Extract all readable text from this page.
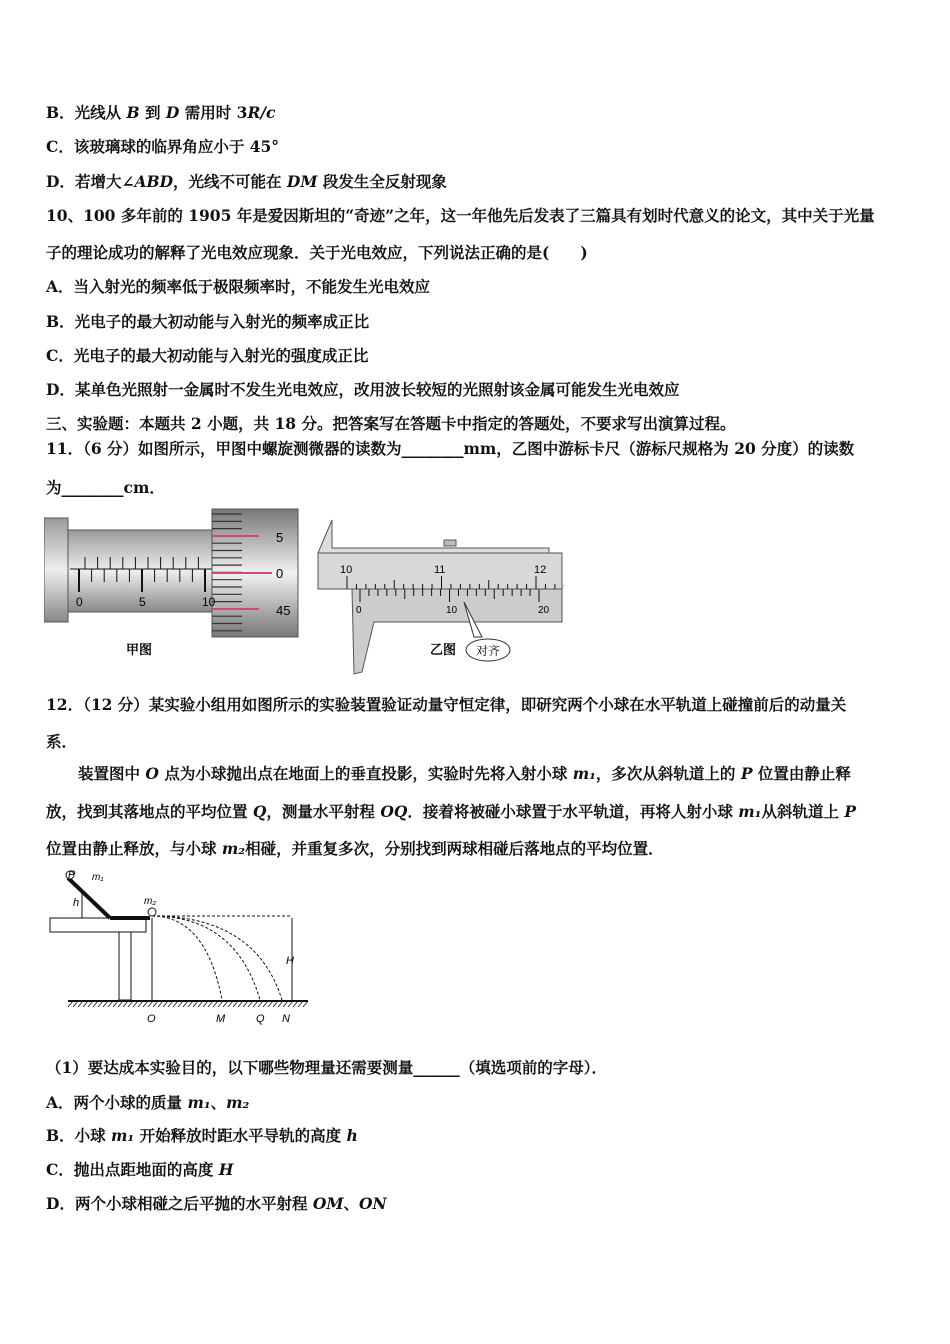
B．光线从 B 到 D 需用时 3R/c
C．该玻璃球的临界角应小于 45°
D．若增大∠ABD，光线不可能在 DM 段发生全反射现象
10、100 多年前的 1905 年是爱因斯坦的“奇迹”之年，这一年他先后发表了三篇具有划时代意义的论文，其中关于光量
子的理论成功的解释了光电效应现象．关于光电效应，下列说法正确的是(　　)
A．当入射光的频率低于极限频率时，不能发生光电效应
B．光电子的最大初动能与入射光的频率成正比
C．光电子的最大初动能与入射光的强度成正比
D．某单色光照射一金属时不发生光电效应，改用波长较短的光照射该金属可能发生光电效应
三、实验题：本题共 2 小题，共 18 分。把答案写在答题卡中指定的答题处，不要求写出演算过程。
11．（6 分）如图所示，甲图中螺旋测微器的读数为________mm，乙图中游标卡尺（游标尺规格为 20 分度）的读数
为________cm．
12．（12 分）某实验小组用如图所示的实验装置验证动量守恒定律，即研究两个小球在水平轨道上碰撞前后的动量关
系．
装置图中 O 点为小球抛出点在地面上的垂直投影，实验时先将入射小球 m₁，多次从斜轨道上的 P 位置由静止释
放，找到其落地点的平均位置 Q，测量水平射程 OQ．接着将被碰小球置于水平轨道，再将人射小球 m₁从斜轨道上 P
位置由静止释放，与小球 m₂相碰，并重复多次，分别找到两球相碰后落地点的平均位置．
（1）要达成本实验目的，以下哪些物理量还需要测量______（填选项前的字母）．
A．两个小球的质量 m₁、m₂
B．小球 m₁ 开始释放时距水平导轨的高度 h
C．抛出点距地面的高度 H
D．两个小球相碰之后平抛的水平射程 OM、ON
0	5	10
5
0
45
甲图
10	11	12
0	10	20
对齐
乙图
P m₁
m₂
h
H
O	M	Q N
